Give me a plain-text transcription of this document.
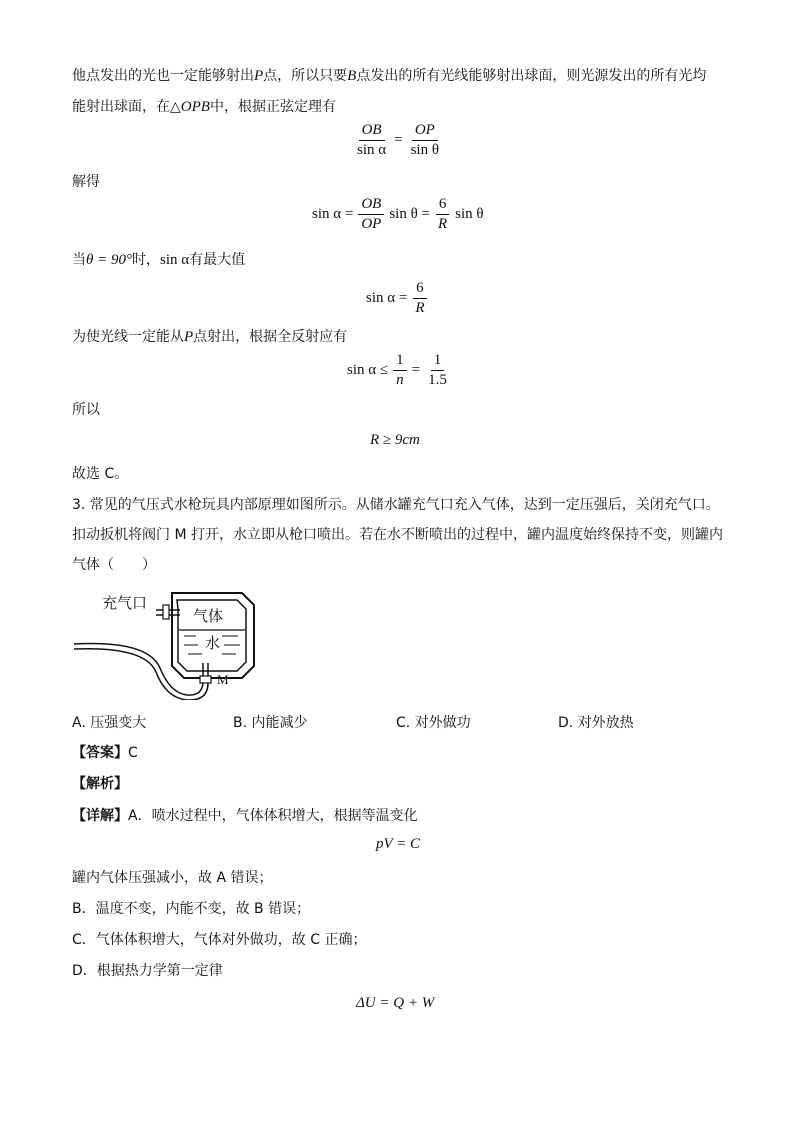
他点发出的光也一定能够射出P点，所以只要B点发出的所有光线能够射出球面，则光源发出的所有光均
能射出球面，在△OPB中，根据正弦定理有
$\frac{OB}{\text{sin α}} = \frac{OP}{\text{sin θ}}$
解得
$\sin \alpha = \frac{OB}{OP}$ $\sin \theta = \frac{6}{R}$ sin θ
当θ = 90°时，sin α有最大值
$\sin \alpha = \frac{6}{R}$
为使光线一定能从P点射出，根据全反射应有
$\sin \alpha \le \frac{1}{n} = \frac{1}{1.5}$
所以
R ≥ 9cm
故选 C。
3. 常见的气压式水枪玩具内部原理如图所示。从储水罐充气口充入气体，达到一定压强后，关闭充气口。
扣动扳机将阀门 M 打开，水立即从枪口喷出。若在水不断喷出的过程中，罐内温度始终保持不变，则罐内
气体（　　）
充气口
气体
水
M
A. 压强变大	B. 内能减少	C. 对外做功	D. 对外放热
【答案】C
【解析】
【详解】A．喷水过程中，气体体积增大，根据等温变化
pV = C
罐内气体压强减小，故 A 错误；
B．温度不变，内能不变，故 B 错误；
C．气体体积增大，气体对外做功，故 C 正确；
D．根据热力学第一定律
ΔU = Q + W
